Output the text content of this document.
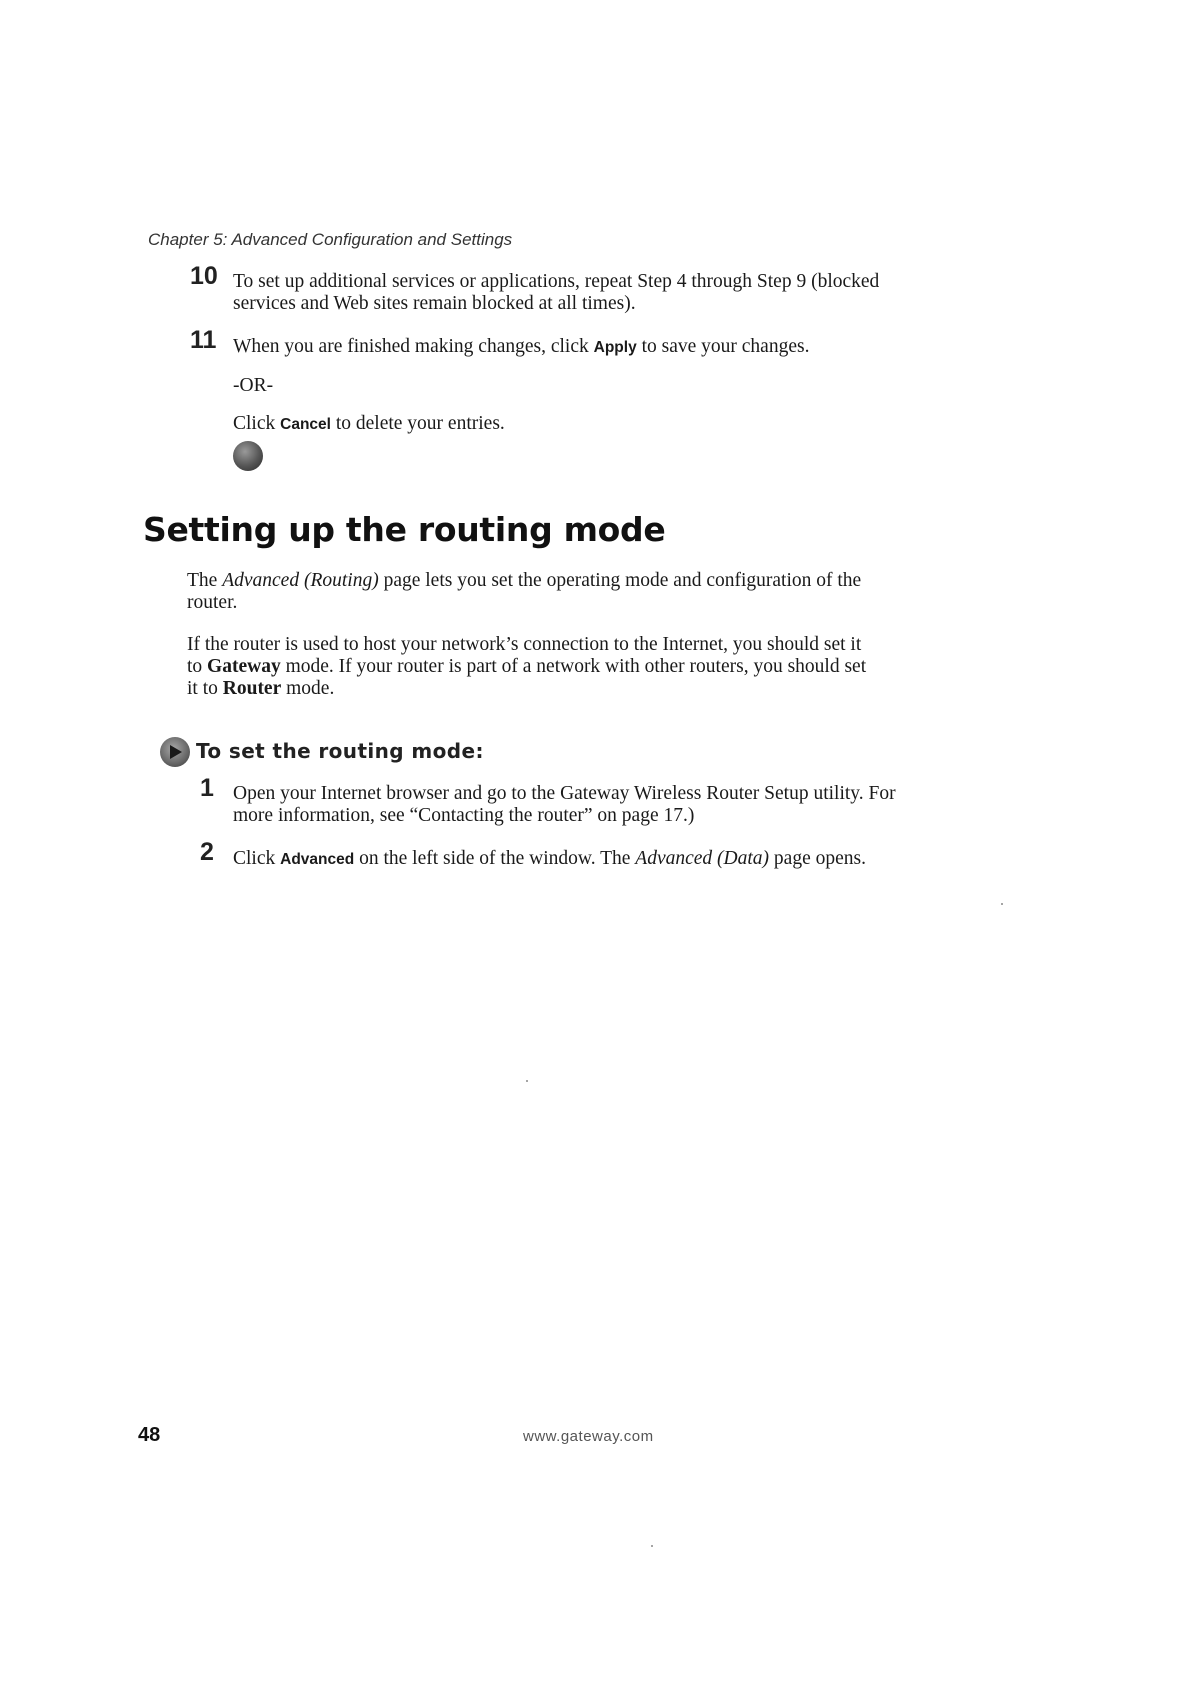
Chapter 5: Advanced Configuration and Settings
10 To set up additional services or applications, repeat Step 4 through Step 9 (blocked
services and Web sites remain blocked at all times).
11 When you are finished making changes, click Apply to save your changes.
-OR-
Click Cancel to delete your entries.
Setting up the routing mode
The Advanced (Routing) page lets you set the operating mode and configuration of the
router.
If the router is used to host your network’s connection to the Internet, you should set it
to Gateway mode. If your router is part of a network with other routers, you should set
it to Router mode.
To set the routing mode:
1 Open your Internet browser and go to the Gateway Wireless Router Setup utility. For
more information, see “Contacting the router” on page 17.)
2 Click Advanced on the left side of the window. The Advanced (Data) page opens.
48	www.gateway.com
